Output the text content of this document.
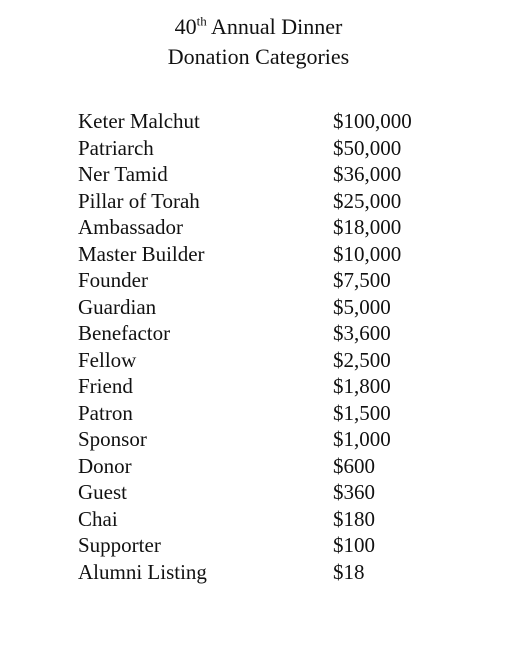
40th Annual Dinner
Donation Categories
Keter Malchut	$100,000
Patriarch	$50,000
Ner Tamid	$36,000
Pillar of Torah	$25,000
Ambassador	$18,000
Master Builder	$10,000
Founder	$7,500
Guardian	$5,000
Benefactor	$3,600
Fellow	$2,500
Friend	$1,800
Patron	$1,500
Sponsor	$1,000
Donor	$600
Guest	$360
Chai	$180
Supporter	$100
Alumni Listing	$18
